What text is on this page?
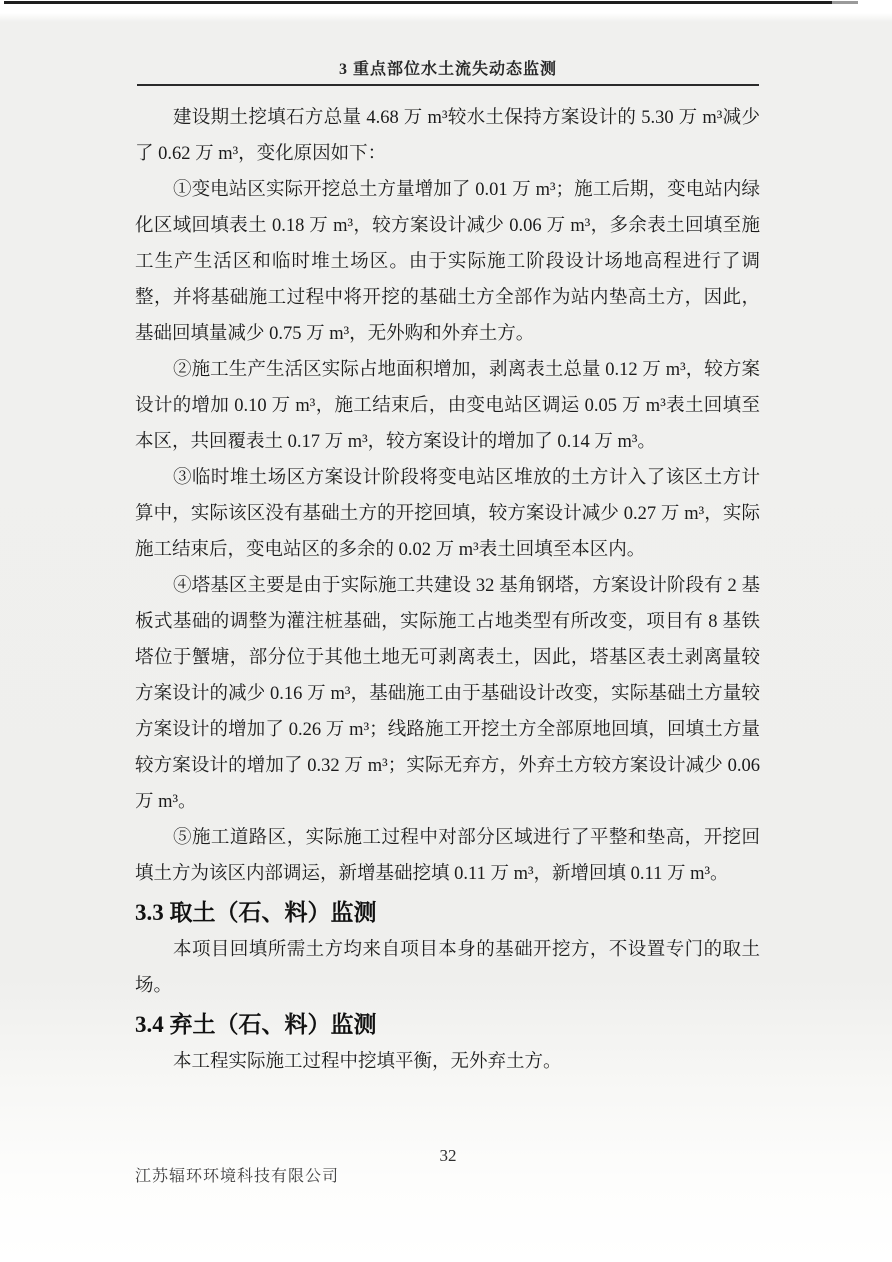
3 重点部位水土流失动态监测

建设期土挖填石方总量 4.68 万 m³较水土保持方案设计的 5.30 万 m³减少了 0.62 万 m³，变化原因如下：

①变电站区实际开挖总土方量增加了 0.01 万 m³；施工后期，变电站内绿化区域回填表土 0.18 万 m³，较方案设计减少 0.06 万 m³，多余表土回填至施工生产生活区和临时堆土场区。由于实际施工阶段设计场地高程进行了调整，并将基础施工过程中将开挖的基础土方全部作为站内垫高土方，因此，基础回填量减少 0.75 万 m³，无外购和外弃土方。

②施工生产生活区实际占地面积增加，剥离表土总量 0.12 万 m³，较方案设计的增加 0.10 万 m³，施工结束后，由变电站区调运 0.05 万 m³表土回填至本区，共回覆表土 0.17 万 m³，较方案设计的增加了 0.14 万 m³。

③临时堆土场区方案设计阶段将变电站区堆放的土方计入了该区土方计算中，实际该区没有基础土方的开挖回填，较方案设计减少 0.27 万 m³，实际施工结束后，变电站区的多余的 0.02 万 m³表土回填至本区内。

④塔基区主要是由于实际施工共建设 32 基角钢塔，方案设计阶段有 2 基板式基础的调整为灌注桩基础，实际施工占地类型有所改变，项目有 8 基铁塔位于蟹塘，部分位于其他土地无可剥离表土，因此，塔基区表土剥离量较方案设计的减少 0.16 万 m³，基础施工由于基础设计改变，实际基础土方量较方案设计的增加了 0.26 万 m³；线路施工开挖土方全部原地回填，回填土方量较方案设计的增加了 0.32 万 m³；实际无弃方，外弃土方较方案设计减少 0.06 万 m³。

⑤施工道路区，实际施工过程中对部分区域进行了平整和垫高，开挖回填土方为该区内部调运，新增基础挖填 0.11 万 m³，新增回填 0.11 万 m³。

3.3 取土（石、料）监测

本项目回填所需土方均来自项目本身的基础开挖方，不设置专门的取土场。

3.4 弃土（石、料）监测

本工程实际施工过程中挖填平衡，无外弃土方。

32
江苏辐环环境科技有限公司
